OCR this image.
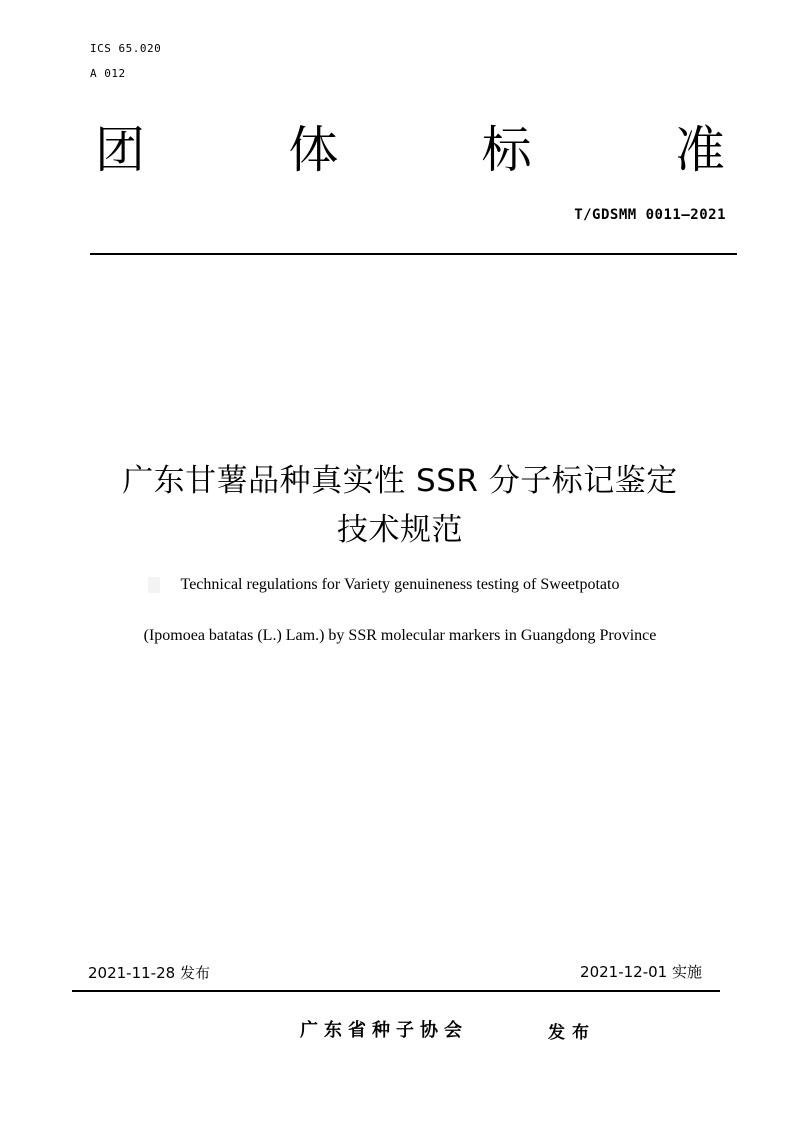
ICS 65.020
A 012
团	体	标	准
T/GDSMM 0011—2021
广东甘薯品种真实性 SSR 分子标记鉴定
技术规范
Technical regulations for Variety genuineness testing of Sweetpotato
(Ipomoea batatas (L.) Lam.) by SSR molecular markers in Guangdong Province
2021-11-28 发布	2021-12-01 实施
广东省种子协会	发布
